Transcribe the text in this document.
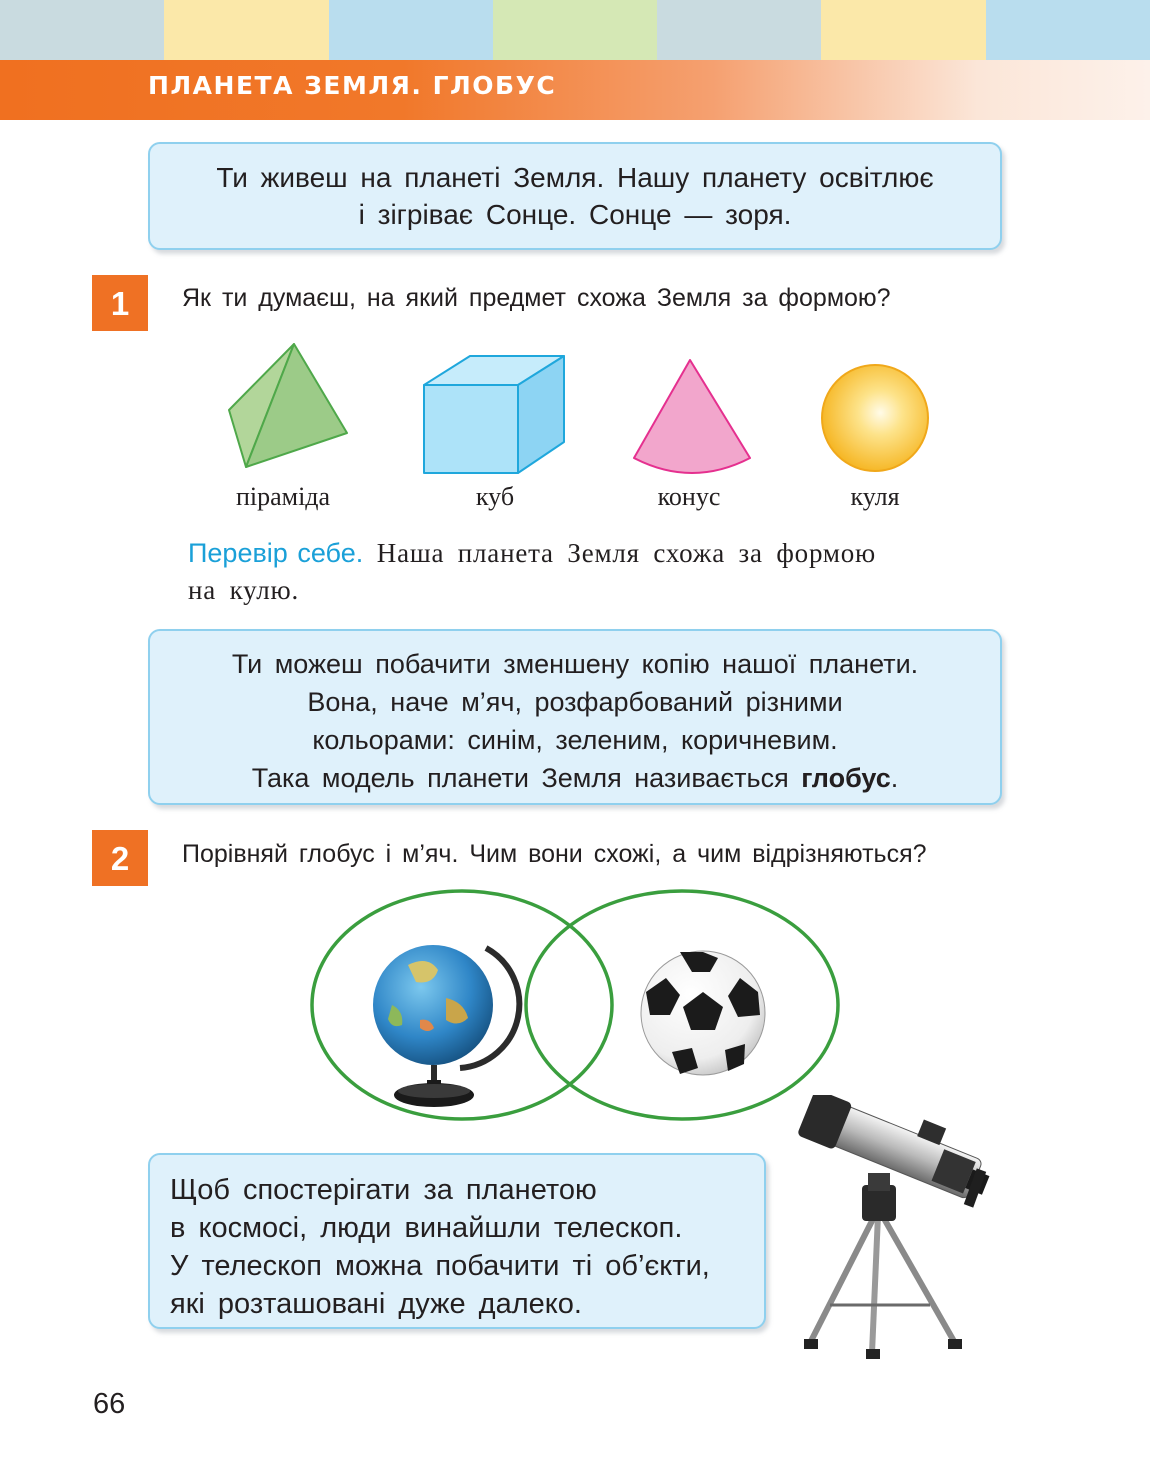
ПЛАНЕТА ЗЕМЛЯ. ГЛОБУС
Ти живеш на планеті Земля. Нашу планету освітлює
і зігріває Сонце. Сонце — зоря.
1	Як ти думаєш, на який предмет схожа Земля за формою?
піраміда	куб	конус	куля
Перевір себе. Наша планета Земля схожа за формою
на кулю.
Ти можеш побачити зменшену копію нашої планети.
Вона, наче м’яч, розфарбований різними
кольорами: синім, зеленим, коричневим.
Така модель планети Земля називається глобус.
2	Порівняй глобус і м’яч. Чим вони схожі, а чим відрізняються?
Щоб спостерігати за планетою
в космосі, люди винайшли телескоп.
У телескоп можна побачити ті об’єкти,
які розташовані дуже далеко.
66
